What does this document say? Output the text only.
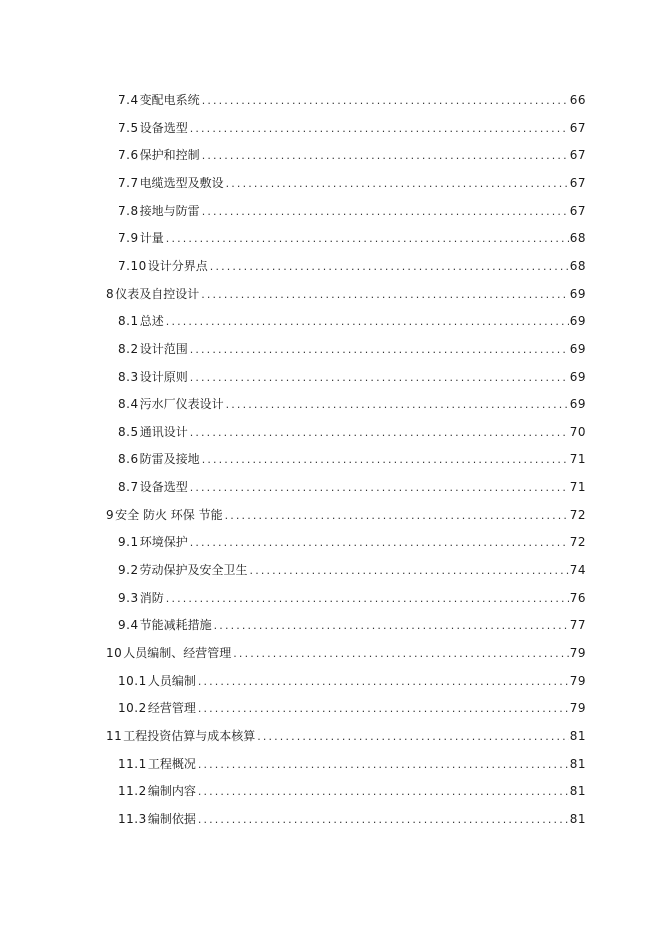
7.4 变配电系统 .....	66
7.5 设备选型 .....	67
7.6 保护和控制 .....	67
7.7 电缆选型及敷设 .....	67
7.8 接地与防雷 .....	67
7.9 计量 .....	68
7.10 设计分界点 .....	68
8 仪表及自控设计 .....	69
8.1 总述 .....	69
8.2 设计范围 .....	69
8.3 设计原则 .....	69
8.4 污水厂仪表设计 .....	69
8.5 通讯设计 .....	70
8.6 防雷及接地 .....	71
8.7 设备选型 .....	71
9 安全 防火 环保 节能 .....	72
9.1 环境保护 .....	72
9.2 劳动保护及安全卫生 .....	74
9.3 消防 .....	76
9.4 节能减耗措施 .....	77
10 人员编制、经营管理 .....	79
10.1 人员编制 .....	79
10.2 经营管理 .....	79
11 工程投资估算与成本核算 .....	81
11.1 工程概况 .....	81
11.2 编制内容 .....	81
11.3 编制依据 .....	81
